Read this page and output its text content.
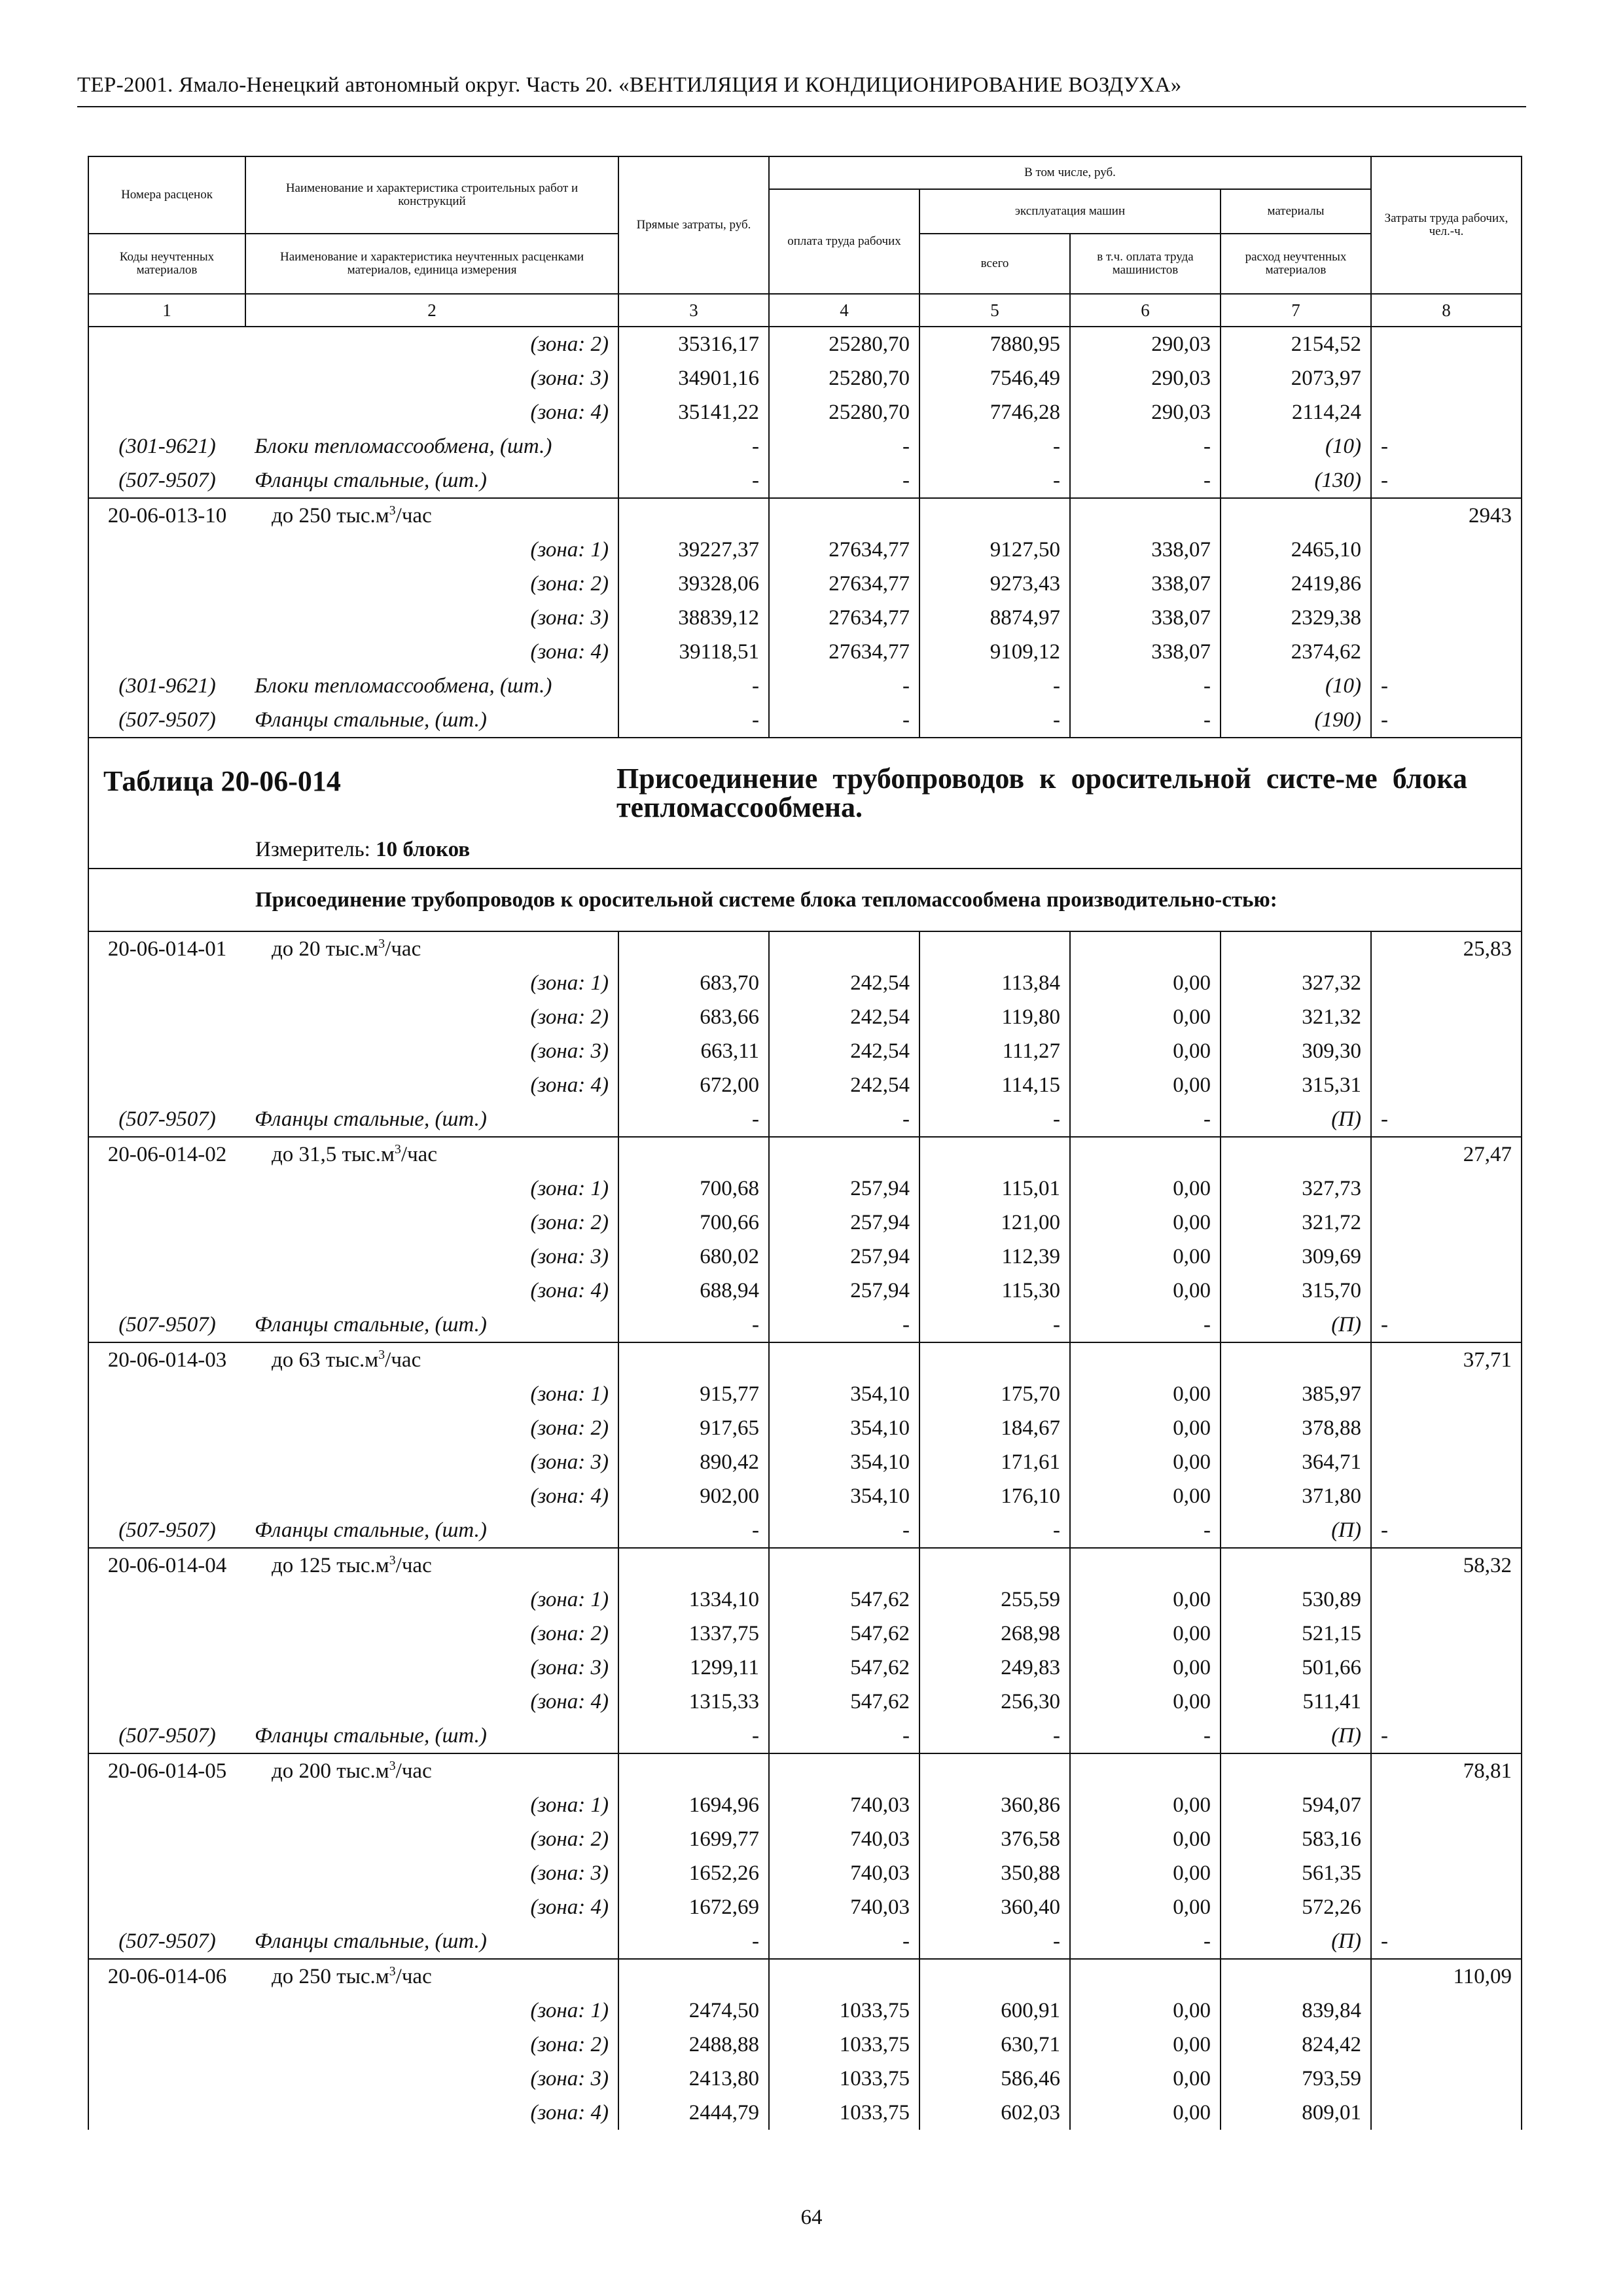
ТЕР-2001. Ямало-Ненецкий автономный округ. Часть 20. «ВЕНТИЛЯЦИЯ И КОНДИЦИОНИРОВАНИЕ ВОЗДУХА»
Номера расценок	Наименование и характеристика строительных работ и конструкций	Прямые затраты, руб.	В том числе, руб.				Затраты труда рабочих, чел.-ч.
			оплата труда рабочих	эксплуатация машин		материалы	

Коды неучтенных материалов	Наименование и характеристика неучтенных расценками материалов, единица измерения			всего	в т.ч. оплата труда машинистов	расход неучтенных материалов	

1	2	3	4	5	6	7	8
	(зона: 2)	35316,17	25280,70	7880,95	290,03	2154,52	
	(зона: 3)	34901,16	25280,70	7546,49	290,03	2073,97	
	(зона: 4)	35141,22	25280,70	7746,28	290,03	2114,24	
(301-9621)	Блоки тепломассообмена, (шт.)	-	-	-	-	(10)	-
(507-9507)	Фланцы стальные, (шт.)	-	-	-	-	(130)	-
20-06-013-10	до 250 $тыс.м^3$/час						2943
	(зона: 1)	39227,37	27634,77	9127,50	338,07	2465,10	
	(зона: 2)	39328,06	27634,77	9273,43	338,07	2419,86	
	(зона: 3)	38839,12	27634,77	8874,97	338,07	2329,38	
	(зона: 4)	39118,51	27634,77	9109,12	338,07	2374,62	
(301-9621)	Блоки тепломассообмена, (шт.)	-	-	-	-	(10)	-
(507-9507)	Фланцы стальные, (шт.)	-	-	-	-	(190)	-

Таблица 20-06-014 Присоединение трубопроводов к оросительной систе-ме блока тепломассообмена.
Измеритель: 10 блоков							

Присоединение трубопроводов к оросительной системе блока тепломассообмена производительно-стью:							

20-06-014-01	до 20 $тыс.м^3$/час						25,83
	(зона: 1)	683,70	242,54	113,84	0,00	327,32	
	(зона: 2)	683,66	242,54	119,80	0,00	321,32	
	(зона: 3)	663,11	242,54	111,27	0,00	309,30	
	(зона: 4)	672,00	242,54	114,15	0,00	315,31	
(507-9507)	Фланцы стальные, (шт.)	-	-	-	-	(П)	-
20-06-014-02	до 31,5 $тыс.м^3$/час						27,47
	(зона: 1)	700,68	257,94	115,01	0,00	327,73	
	(зона: 2)	700,66	257,94	121,00	0,00	321,72	
	(зона: 3)	680,02	257,94	112,39	0,00	309,69	
	(зона: 4)	688,94	257,94	115,30	0,00	315,70	
(507-9507)	Фланцы стальные, (шт.)	-	-	-	-	(П)	-
20-06-014-03	до 63 $тыс.м^3$/час						37,71
	(зона: 1)	915,77	354,10	175,70	0,00	385,97	
	(зона: 2)	917,65	354,10	184,67	0,00	378,88	
	(зона: 3)	890,42	354,10	171,61	0,00	364,71	
	(зона: 4)	902,00	354,10	176,10	0,00	371,80	
(507-9507)	Фланцы стальные, (шт.)	-	-	-	-	(П)	-
20-06-014-04	до 125 $тыс.м^3$/час						58,32
	(зона: 1)	1334,10	547,62	255,59	0,00	530,89	
	(зона: 2)	1337,75	547,62	268,98	0,00	521,15	
	(зона: 3)	1299,11	547,62	249,83	0,00	501,66	
	(зона: 4)	1315,33	547,62	256,30	0,00	511,41	
(507-9507)	Фланцы стальные, (шт.)	-	-	-	-	(П)	-
20-06-014-05	до 200 $тыс.м^3$/час						78,81
	(зона: 1)	1694,96	740,03	360,86	0,00	594,07	
	(зона: 2)	1699,77	740,03	376,58	0,00	583,16	
	(зона: 3)	1652,26	740,03	350,88	0,00	561,35	
	(зона: 4)	1672,69	740,03	360,40	0,00	572,26	
(507-9507)	Фланцы стальные, (шт.)	-	-	-	-	(П)	-
20-06-014-06	до 250 $тыс.м^3$/час						110,09
	(зона: 1)	2474,50	1033,75	600,91	0,00	839,84	
	(зона: 2)	2488,88	1033,75	630,71	0,00	824,42	
	(зона: 3)	2413,80	1033,75	586,46	0,00	793,59	
	(зона: 4)	2444,79	1033,75	602,03	0,00	809,01	
64
